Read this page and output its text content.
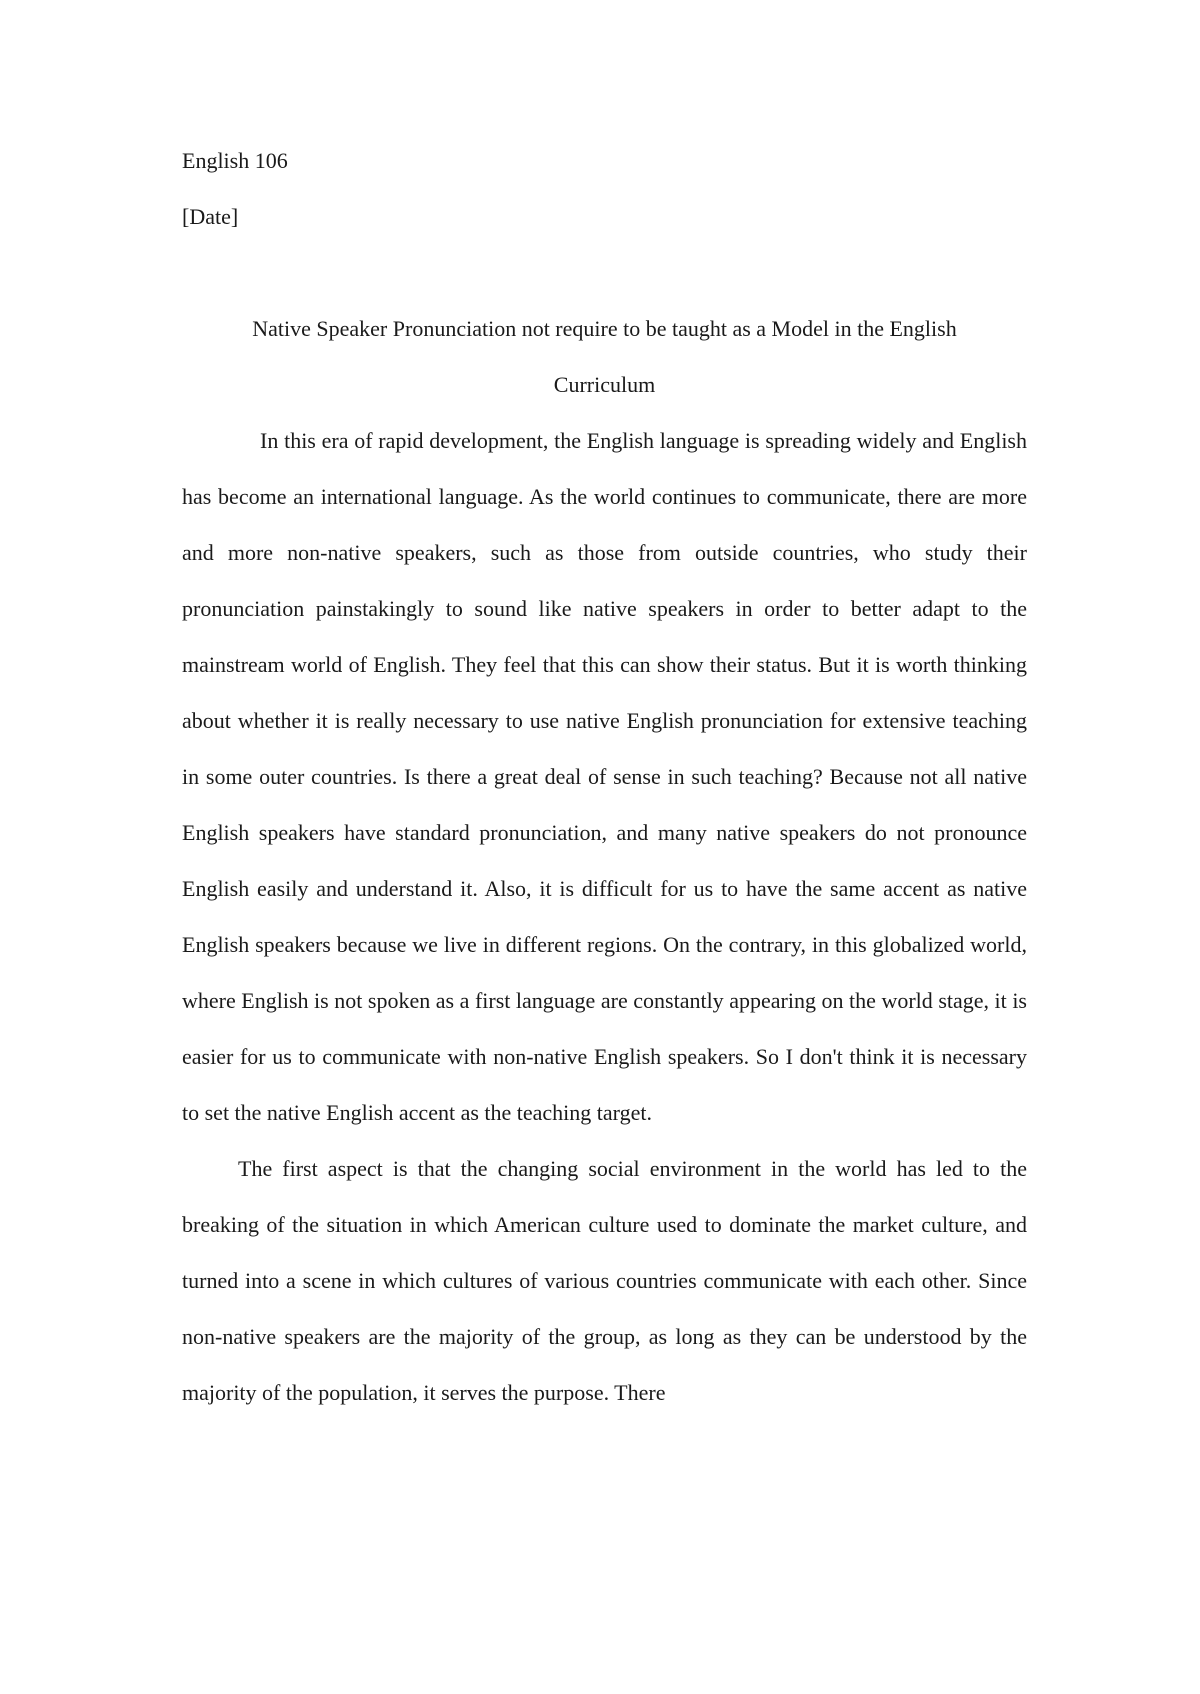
English 106

[Date]

Native Speaker Pronunciation not require to be taught as a Model in the English

Curriculum

In this era of rapid development, the English language is spreading widely and English has become an international language. As the world continues to communicate, there are more and more non-native speakers, such as those from outside countries, who study their pronunciation painstakingly to sound like native speakers in order to better adapt to the mainstream world of English. They feel that this can show their status. But it is worth thinking about whether it is really necessary to use native English pronunciation for extensive teaching in some outer countries. Is there a great deal of sense in such teaching? Because not all native English speakers have standard pronunciation, and many native speakers do not pronounce English easily and understand it. Also, it is difficult for us to have the same accent as native English speakers because we live in different regions. On the contrary, in this globalized world, where English is not spoken as a first language are constantly appearing on the world stage, it is easier for us to communicate with non-native English speakers. So I don't think it is necessary to set the native English accent as the teaching target.

The first aspect is that the changing social environment in the world has led to the breaking of the situation in which American culture used to dominate the market culture, and turned into a scene in which cultures of various countries communicate with each other. Since non-native speakers are the majority of the group, as long as they can be understood by the majority of the population, it serves the purpose. There
